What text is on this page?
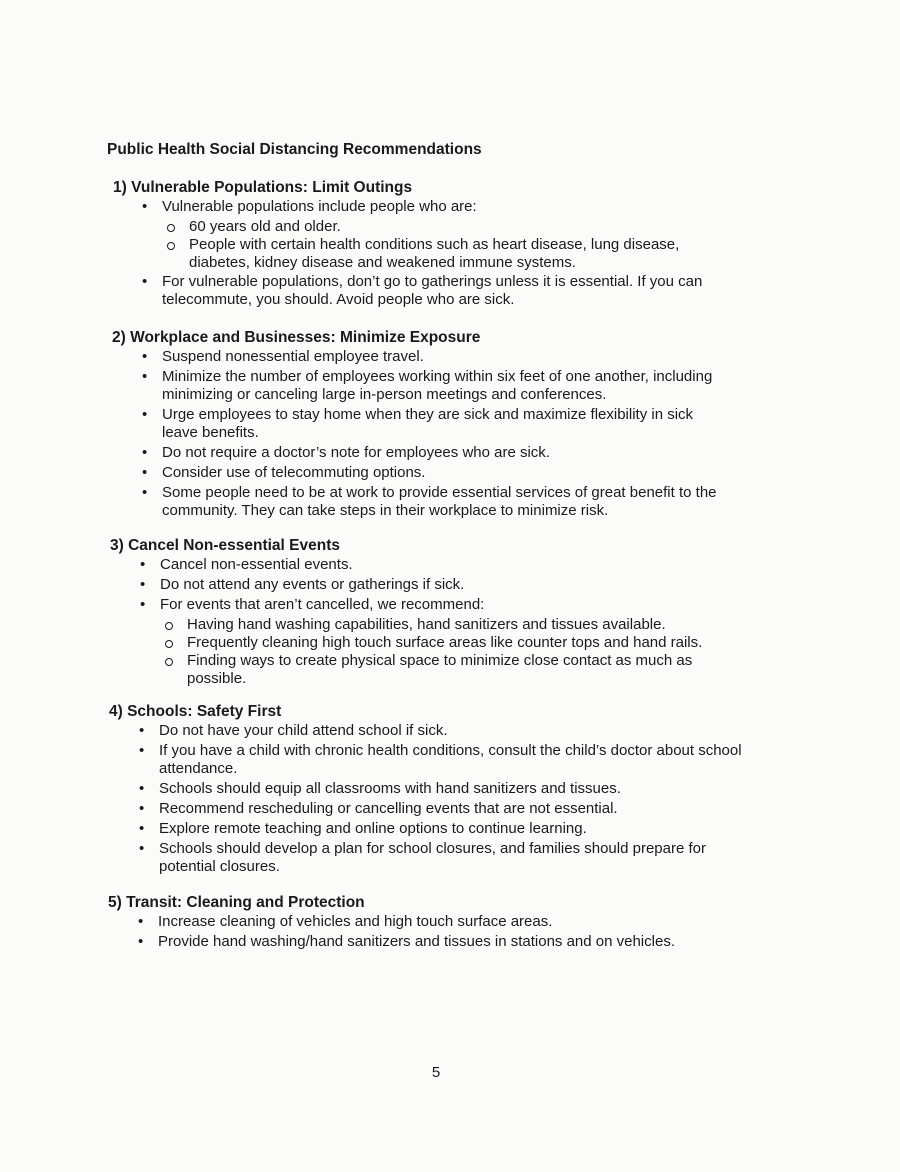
Public Health Social Distancing Recommendations
1) Vulnerable Populations: Limit Outings
• Vulnerable populations include people who are:
60 years old and older.
People with certain health conditions such as heart disease, lung disease, diabetes, kidney disease and weakened immune systems.
• For vulnerable populations, don’t go to gatherings unless it is essential. If you can telecommute, you should. Avoid people who are sick.
2) Workplace and Businesses: Minimize Exposure
• Suspend nonessential employee travel.
• Minimize the number of employees working within six feet of one another, including minimizing or canceling large in-person meetings and conferences.
• Urge employees to stay home when they are sick and maximize flexibility in sick leave benefits.
• Do not require a doctor’s note for employees who are sick.
• Consider use of telecommuting options.
• Some people need to be at work to provide essential services of great benefit to the community. They can take steps in their workplace to minimize risk.
3) Cancel Non-essential Events
• Cancel non-essential events.
• Do not attend any events or gatherings if sick.
• For events that aren’t cancelled, we recommend:
Having hand washing capabilities, hand sanitizers and tissues available.
Frequently cleaning high touch surface areas like counter tops and hand rails.
Finding ways to create physical space to minimize close contact as much as possible.
4) Schools: Safety First
• Do not have your child attend school if sick.
• If you have a child with chronic health conditions, consult the child’s doctor about school attendance.
• Schools should equip all classrooms with hand sanitizers and tissues.
• Recommend rescheduling or cancelling events that are not essential.
• Explore remote teaching and online options to continue learning.
• Schools should develop a plan for school closures, and families should prepare for potential closures.
5) Transit: Cleaning and Protection
• Increase cleaning of vehicles and high touch surface areas.
• Provide hand washing/hand sanitizers and tissues in stations and on vehicles.
5
